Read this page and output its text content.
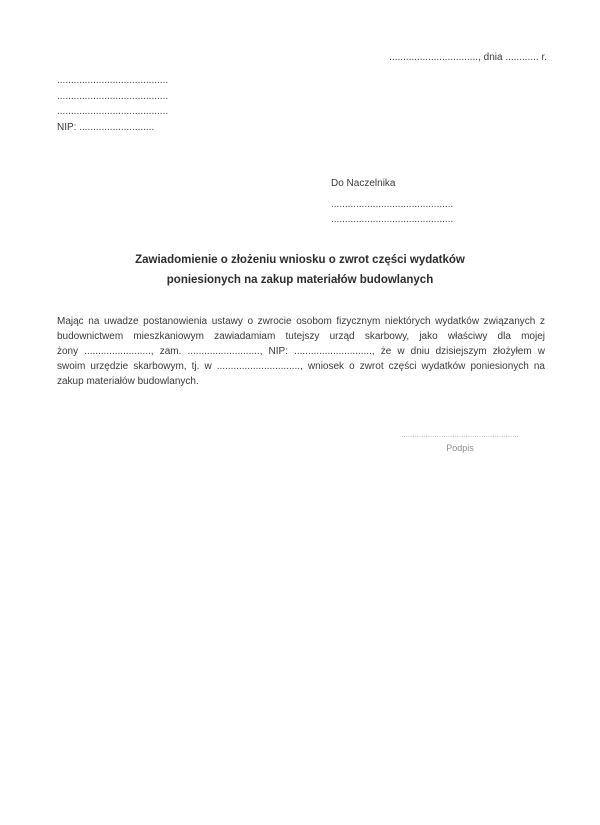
................................, dnia ............ r.
........................................
........................................
........................................
NIP: ...........................
Do Naczelnika
............................................
............................................
Zawiadomienie o złożeniu wniosku o zwrot części wydatków
poniesionych na zakup materiałów budowlanych
Mając na uwadze postanowienia ustawy o zwrocie osobom fizycznym niektórych wydatków związanych z
budownictwem mieszkaniowym zawiadamiam tutejszy urząd skarbowy, jako właściwy dla mojej
żony ........................, zam. .........................., NIP: ............................, że w dniu dzisiejszym złożyłem w
swoim urzędzie skarbowym, tj. w .............................., wniosek o zwrot części wydatków poniesionych na
zakup materiałów budowlanych.
.....................................................
Podpis
